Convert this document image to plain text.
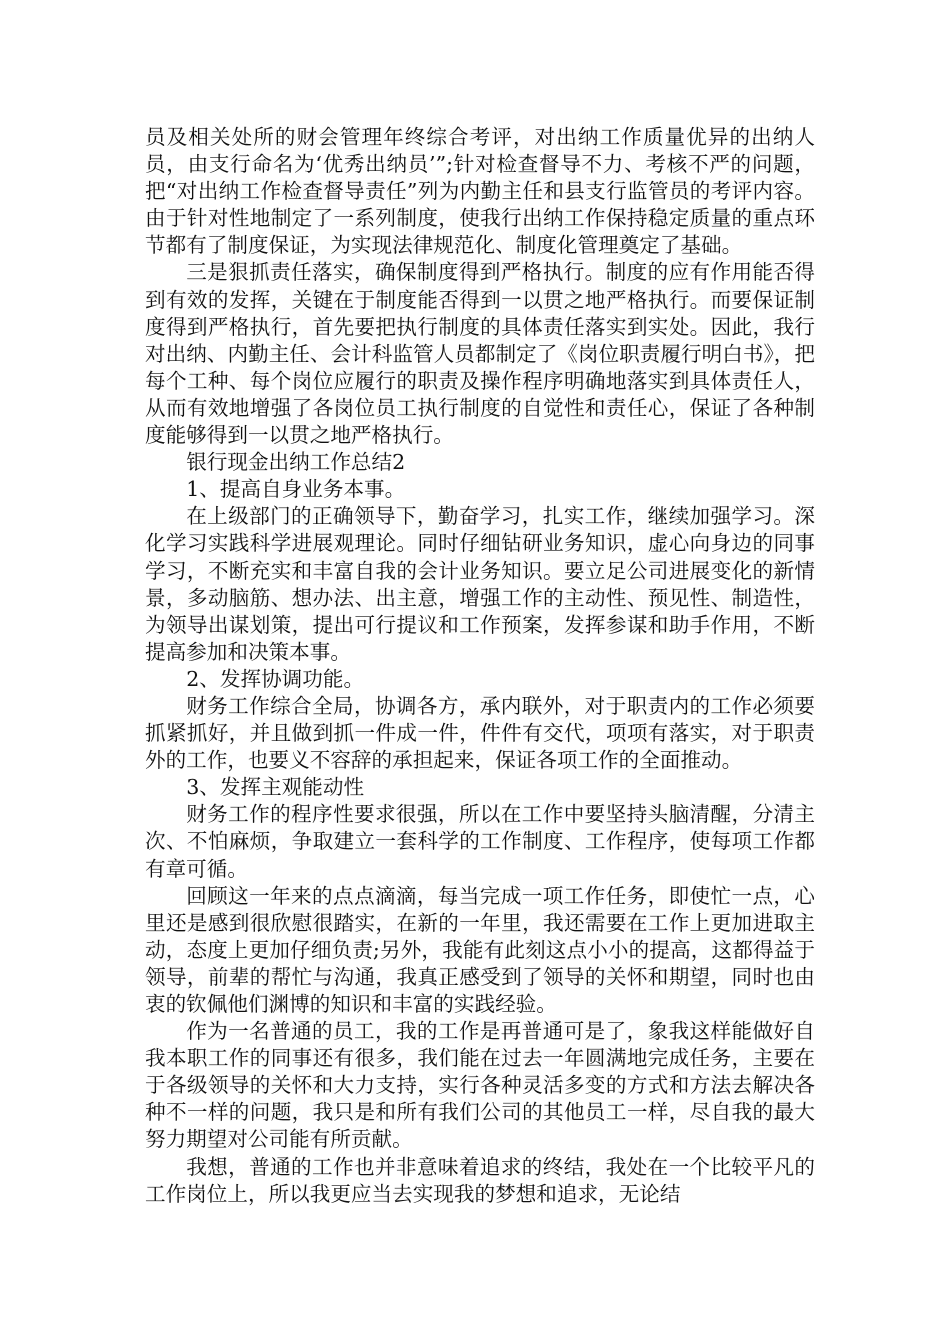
员及相关处所的财会管理年终综合考评，对出纳工作质量优异的出纳人员，由支行命名为‘优秀出纳员’”;针对检查督导不力、考核不严的问题，把“对出纳工作检查督导责任”列为内勤主任和县支行监管员的考评内容。由于针对性地制定了一系列制度，使我行出纳工作保持稳定质量的重点环节都有了制度保证，为实现法律规范化、制度化管理奠定了基础。

三是狠抓责任落实，确保制度得到严格执行。制度的应有作用能否得到有效的发挥，关键在于制度能否得到一以贯之地严格执行。而要保证制度得到严格执行，首先要把执行制度的具体责任落实到实处。因此，我行对出纳、内勤主任、会计科监管人员都制定了《岗位职责履行明白书》，把每个工种、每个岗位应履行的职责及操作程序明确地落实到具体责任人，从而有效地增强了各岗位员工执行制度的自觉性和责任心，保证了各种制度能够得到一以贯之地严格执行。

银行现金出纳工作总结2

1、提高自身业务本事。

在上级部门的正确领导下，勤奋学习，扎实工作，继续加强学习。深化学习实践科学进展观理论。同时仔细钻研业务知识，虚心向身边的同事学习，不断充实和丰富自我的会计业务知识。要立足公司进展变化的新情景，多动脑筋、想办法、出主意，增强工作的主动性、预见性、制造性，为领导出谋划策，提出可行提议和工作预案，发挥参谋和助手作用，不断提高参加和决策本事。

2、发挥协调功能。

财务工作综合全局，协调各方，承内联外，对于职责内的工作必须要抓紧抓好，并且做到抓一件成一件，件件有交代，项项有落实，对于职责外的工作，也要义不容辞的承担起来，保证各项工作的全面推动。

3、发挥主观能动性

财务工作的程序性要求很强，所以在工作中要坚持头脑清醒，分清主次、不怕麻烦，争取建立一套科学的工作制度、工作程序，使每项工作都有章可循。

回顾这一年来的点点滴滴，每当完成一项工作任务，即使忙一点，心里还是感到很欣慰很踏实，在新的一年里，我还需要在工作上更加进取主动，态度上更加仔细负责;另外，我能有此刻这点小小的提高，这都得益于领导，前辈的帮忙与沟通，我真正感受到了领导的关怀和期望，同时也由衷的钦佩他们渊博的知识和丰富的实践经验。

作为一名普通的员工，我的工作是再普通可是了，象我这样能做好自我本职工作的同事还有很多，我们能在过去一年圆满地完成任务，主要在于各级领导的关怀和大力支持，实行各种灵活多变的方式和方法去解决各种不一样的问题，我只是和所有我们公司的其他员工一样，尽自我的最大努力期望对公司能有所贡献。

我想，普通的工作也并非意味着追求的终结，我处在一个比较平凡的工作岗位上，所以我更应当去实现我的梦想和追求，无论结
